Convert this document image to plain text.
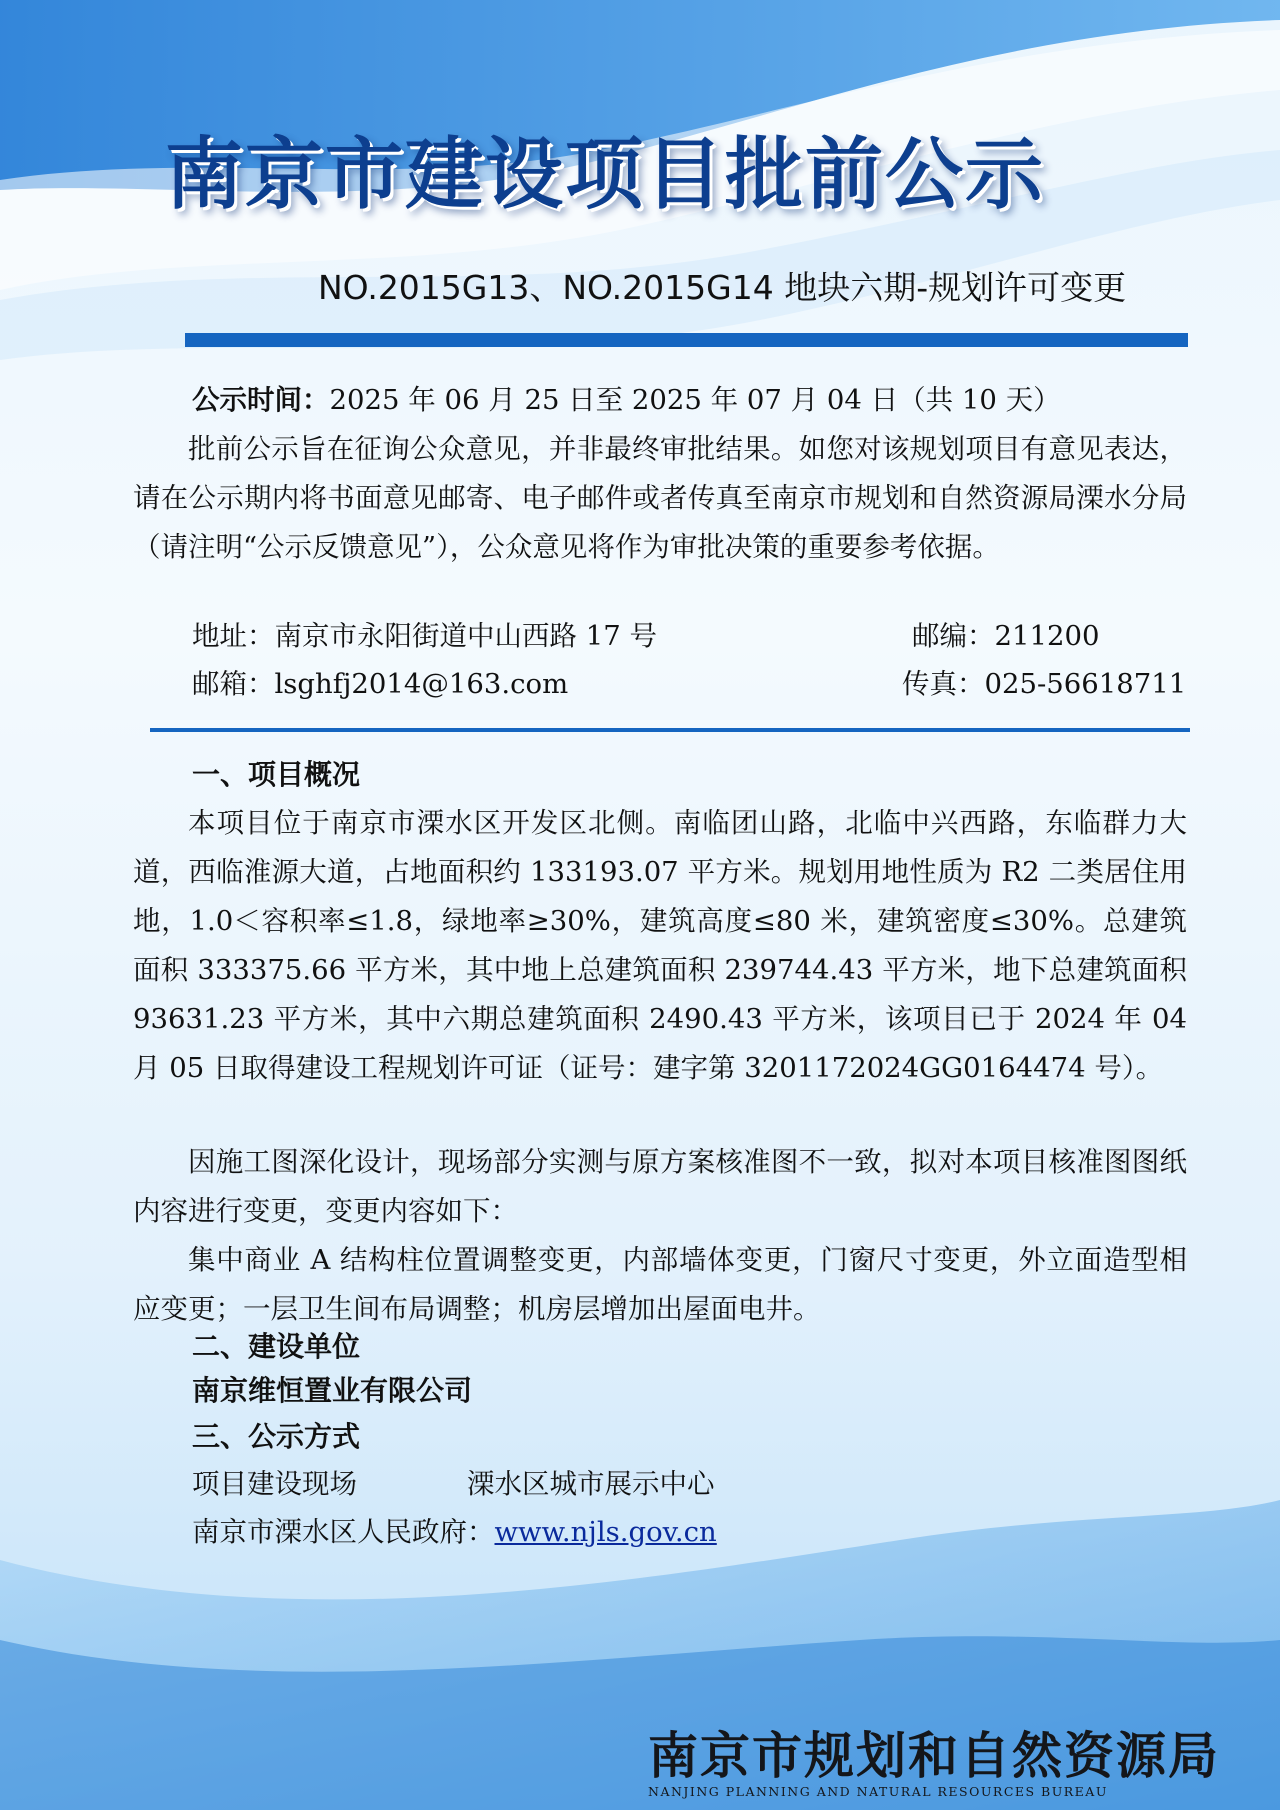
南京市建设项目批前公示
NO.2015G13、NO.2015G14 地块六期-规划许可变更
公示时间：2025 年 06 月 25 日至 2025 年 07 月 04 日（共 10 天）

批前公示旨在征询公众意见，并非最终审批结果。如您对该规划项目有意见表达，请在公示期内将书面意见邮寄、电子邮件或者传真至南京市规划和自然资源局溧水分局（请注明“公示反馈意见”），公众意见将作为审批决策的重要参考依据。

地址：南京市永阳街道中山西路 17 号	邮编：211200
邮箱：lsghfj2014@163.com	传真：025-56618711
一、项目概况

本项目位于南京市溧水区开发区北侧。南临团山路，北临中兴西路，东临群力大道，西临淮源大道，占地面积约 133193.07 平方米。规划用地性质为 R2 二类居住用地，1.0＜容积率≤1.8，绿地率≥30%，建筑高度≤80 米，建筑密度≤30%。总建筑面积 333375.66 平方米，其中地上总建筑面积 239744.43 平方米，地下总建筑面积 93631.23 平方米，其中六期总建筑面积 2490.43 平方米，该项目已于 2024 年 04 月 05 日取得建设工程规划许可证（证号：建字第 3201172024GG0164474 号）。

因施工图深化设计，现场部分实测与原方案核准图不一致，拟对本项目核准图图纸内容进行变更，变更内容如下：

集中商业 A 结构柱位置调整变更，内部墙体变更，门窗尺寸变更，外立面造型相应变更；一层卫生间布局调整；机房层增加出屋面电井。

二、建设单位
南京维恒置业有限公司
三、公示方式
项目建设现场	溧水区城市展示中心
南京市溧水区人民政府：www.njls.gov.cn
南京市规划和自然资源局
NANJING PLANNING AND NATURAL RESOURCES BUREAU
